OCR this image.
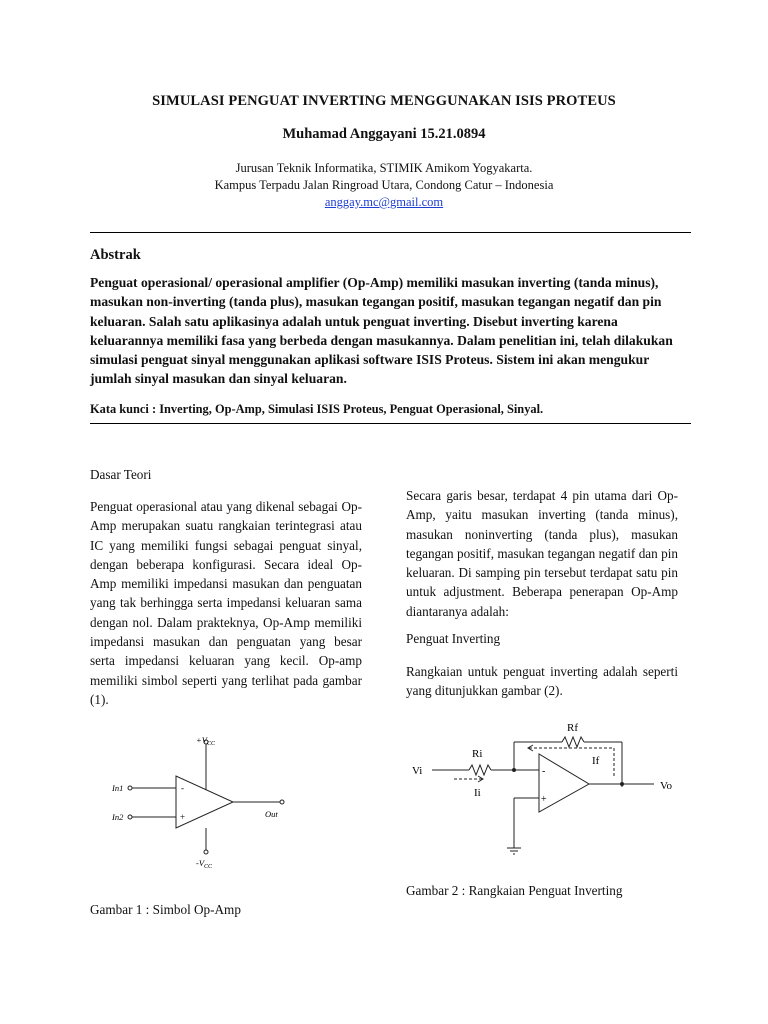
SIMULASI PENGUAT INVERTING MENGGUNAKAN ISIS PROTEUS
Muhamad Anggayani 15.21.0894
Jurusan Teknik Informatika, STIMIK Amikom Yogyakarta.
Kampus Terpadu Jalan Ringroad Utara, Condong Catur – Indonesia
anggay.mc@gmail.com
Abstrak
Penguat operasional/ operasional amplifier (Op-Amp) memiliki masukan inverting (tanda minus), masukan non-inverting (tanda plus), masukan tegangan positif, masukan tegangan negatif dan pin keluaran. Salah satu aplikasinya adalah untuk penguat inverting. Disebut inverting karena keluarannya memiliki fasa yang berbeda dengan masukannya. Dalam penelitian ini, telah dilakukan simulasi penguat sinyal menggunakan aplikasi software ISIS Proteus. Sistem ini akan mengukur jumlah sinyal masukan dan sinyal keluaran.
Kata kunci : Inverting, Op-Amp, Simulasi ISIS Proteus, Penguat Operasional, Sinyal.
Dasar Teori
Penguat operasional atau yang dikenal sebagai Op-Amp merupakan suatu rangkaian terintegrasi atau IC yang memiliki fungsi sebagai penguat sinyal, dengan beberapa konfigurasi. Secara ideal Op-Amp memiliki impedansi masukan dan penguatan yang tak berhingga serta impedansi keluaran sama dengan nol. Dalam prakteknya, Op-Amp memiliki impedansi masukan dan penguatan yang besar serta impedansi keluaran yang kecil. Op-amp memiliki simbol seperti yang terlihat pada gambar (1).
$+V_{CC}$
$-V_{CC}$
In1
In2	Out
-
+
Gambar 1 : Simbol Op-Amp
Secara garis besar, terdapat 4 pin utama dari Op-Amp, yaitu masukan inverting (tanda minus), masukan noninverting (tanda plus), masukan tegangan positif, masukan tegangan negatif dan pin keluaran. Di samping pin tersebut terdapat satu pin untuk adjustment. Beberapa penerapan Op-Amp diantaranya adalah:
Penguat Inverting
Rangkaian untuk penguat inverting adalah seperti yang ditunjukkan gambar (2).
Rf
Ri
Vi
Vo
If
Ii
-
+
Gambar 2 : Rangkaian Penguat Inverting
